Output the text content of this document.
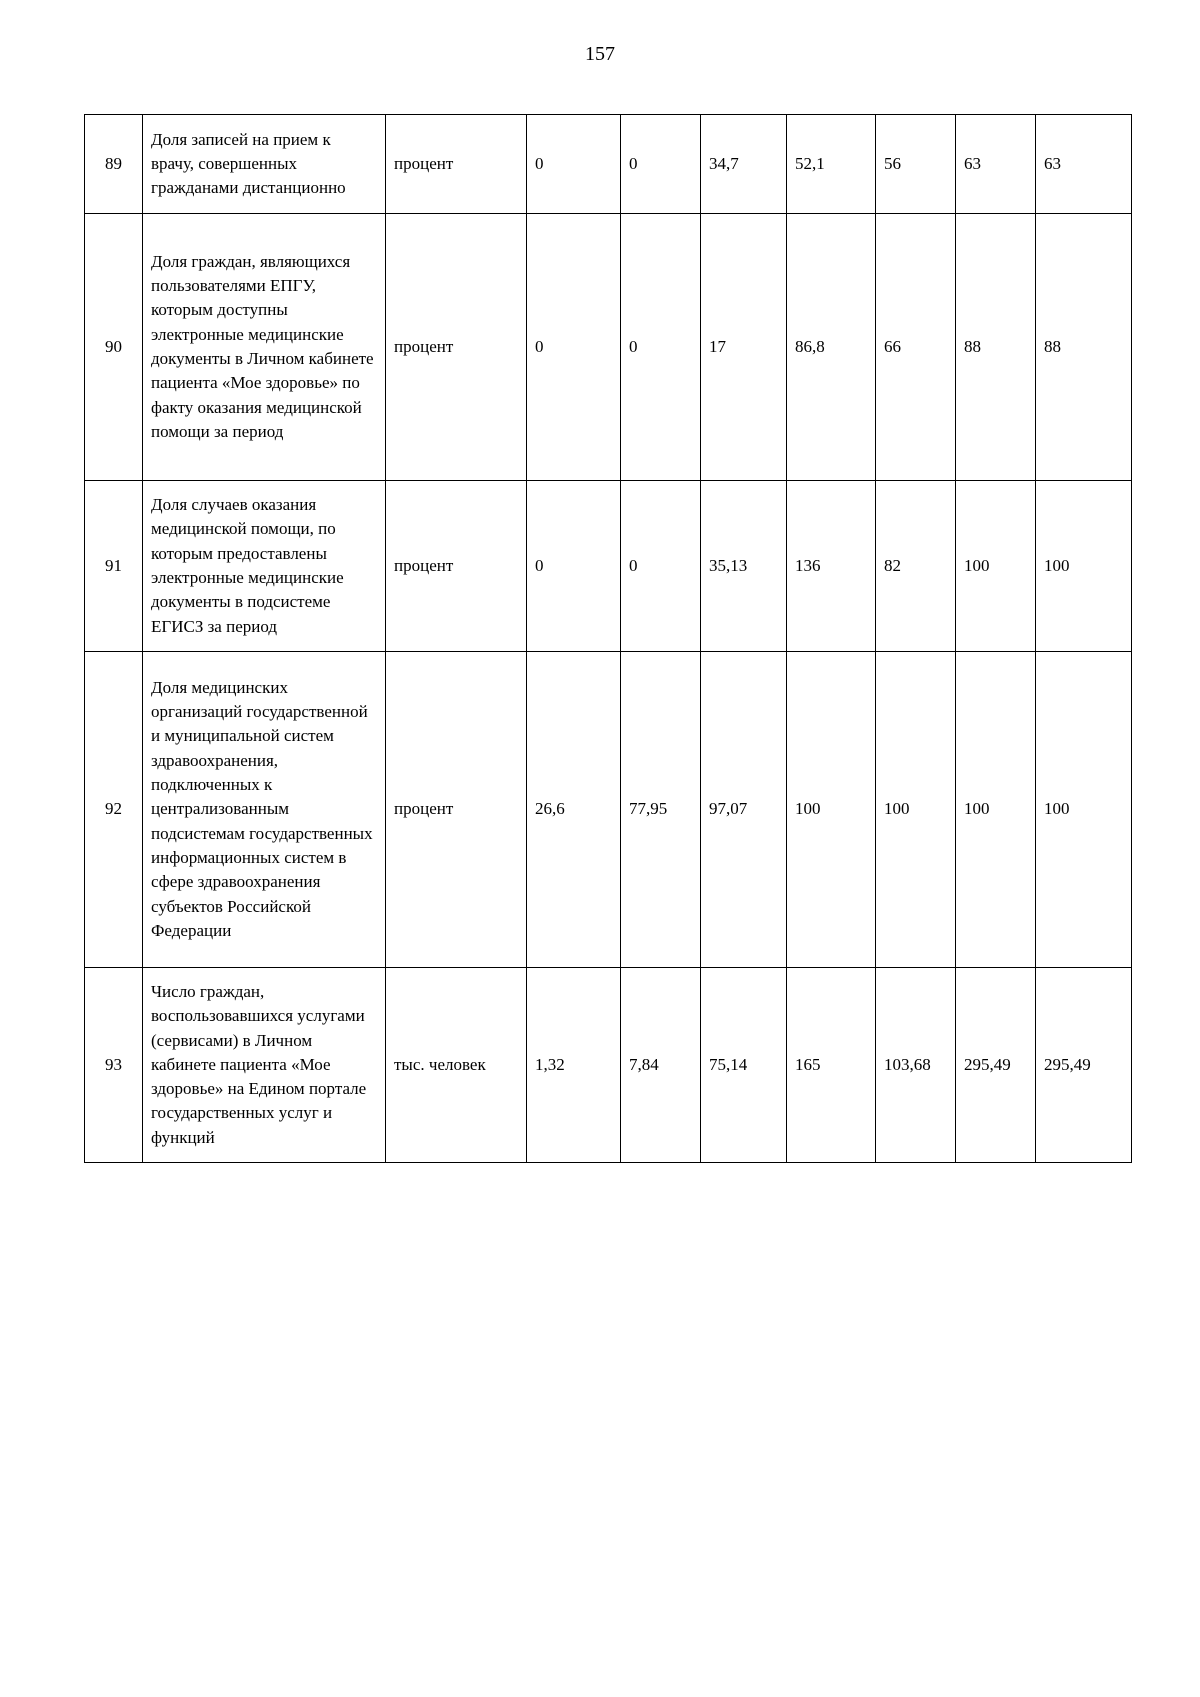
157
89	Доля записей на прием к врачу, совершенных гражданами дистанционно	процент	0	0	34,7	52,1	56	63	63
90	Доля граждан, являющихся пользователями ЕПГУ, которым доступны электронные медицинские документы в Личном кабинете пациента «Мое здоровье» по факту оказания медицинской помощи за период	процент	0	0	17	86,8	66	88	88
91	Доля случаев оказания медицинской помощи, по которым предоставлены электронные медицинские документы в подсистеме ЕГИСЗ за период	процент	0	0	35,13	136	82	100	100
92	Доля медицинских организаций государственной и муниципальной систем здравоохранения, подключенных к централизованным подсистемам государственных информационных систем в сфере здравоохранения субъектов Российской Федерации	процент	26,6	77,95	97,07	100	100	100	100
93	Число граждан, воспользовавшихся услугами (сервисами) в Личном кабинете пациента «Мое здоровье» на Едином портале государственных услуг и функций	тыс. человек	1,32	7,84	75,14	165	103,68	295,49	295,49
